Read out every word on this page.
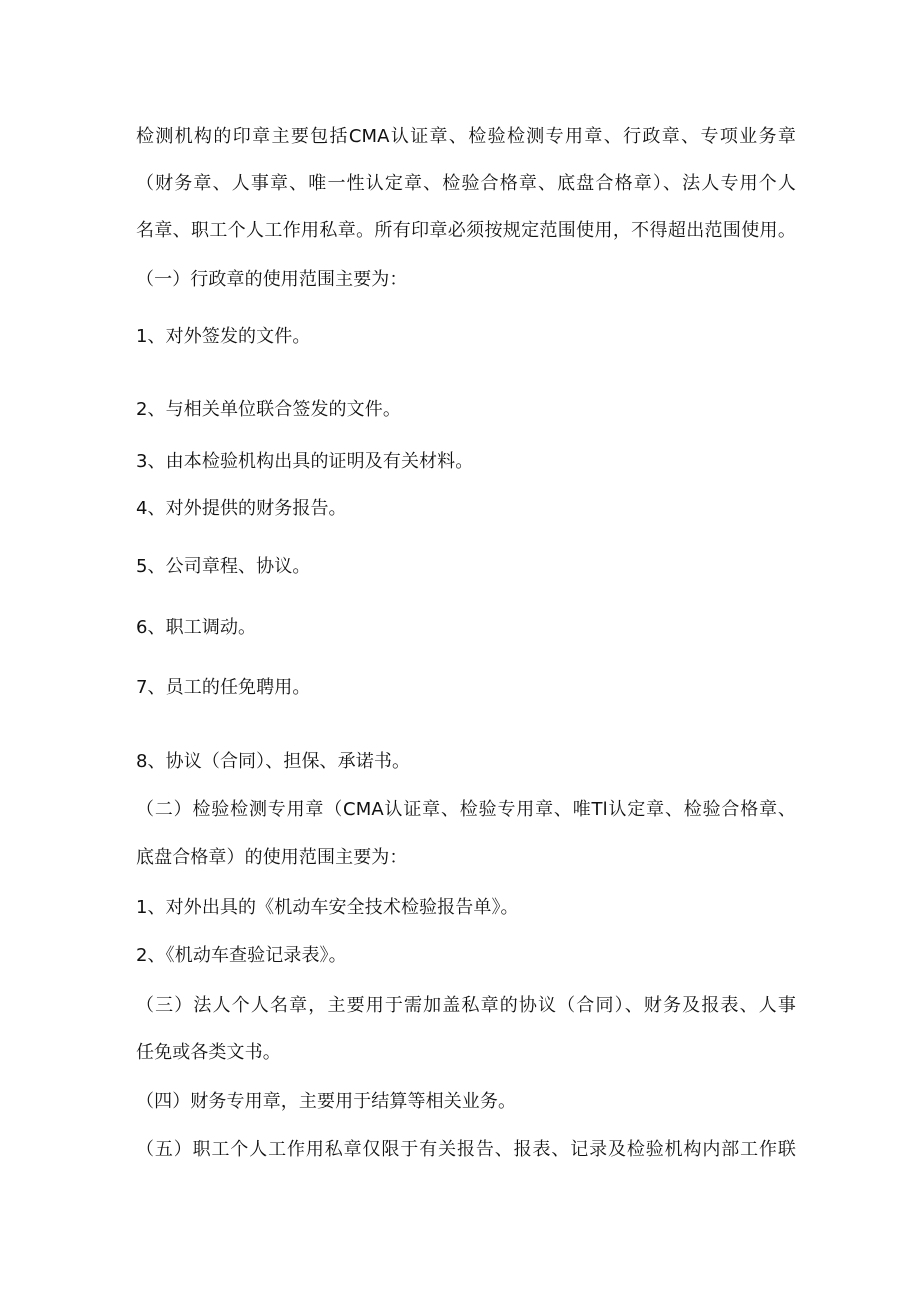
检测机构的印章主要包括CMA认证章、检验检测专用章、行政章、专项业务章
（财务章、人事章、唯一性认定章、检验合格章、底盘合格章）、法人专用个人
名章、职工个人工作用私章。所有印章必须按规定范围使用，不得超出范围使用。
（一）行政章的使用范围主要为：
1、对外签发的文件。
2、与相关单位联合签发的文件。
3、由本检验机构出具的证明及有关材料。
4、对外提供的财务报告。
5、公司章程、协议。
6、职工调动。
7、员工的任免聘用。
8、协议（合同）、担保、承诺书。
（二）检验检测专用章（CMA认证章、检验专用章、唯Tl认定章、检验合格章、
底盘合格章）的使用范围主要为：
1、对外出具的《机动车安全技术检验报告单》。
2、《机动车查验记录表》。
（三）法人个人名章，主要用于需加盖私章的协议（合同）、财务及报表、人事
任免或各类文书。
（四）财务专用章，主要用于结算等相关业务。
（五）职工个人工作用私章仅限于有关报告、报表、记录及检验机构内部工作联
